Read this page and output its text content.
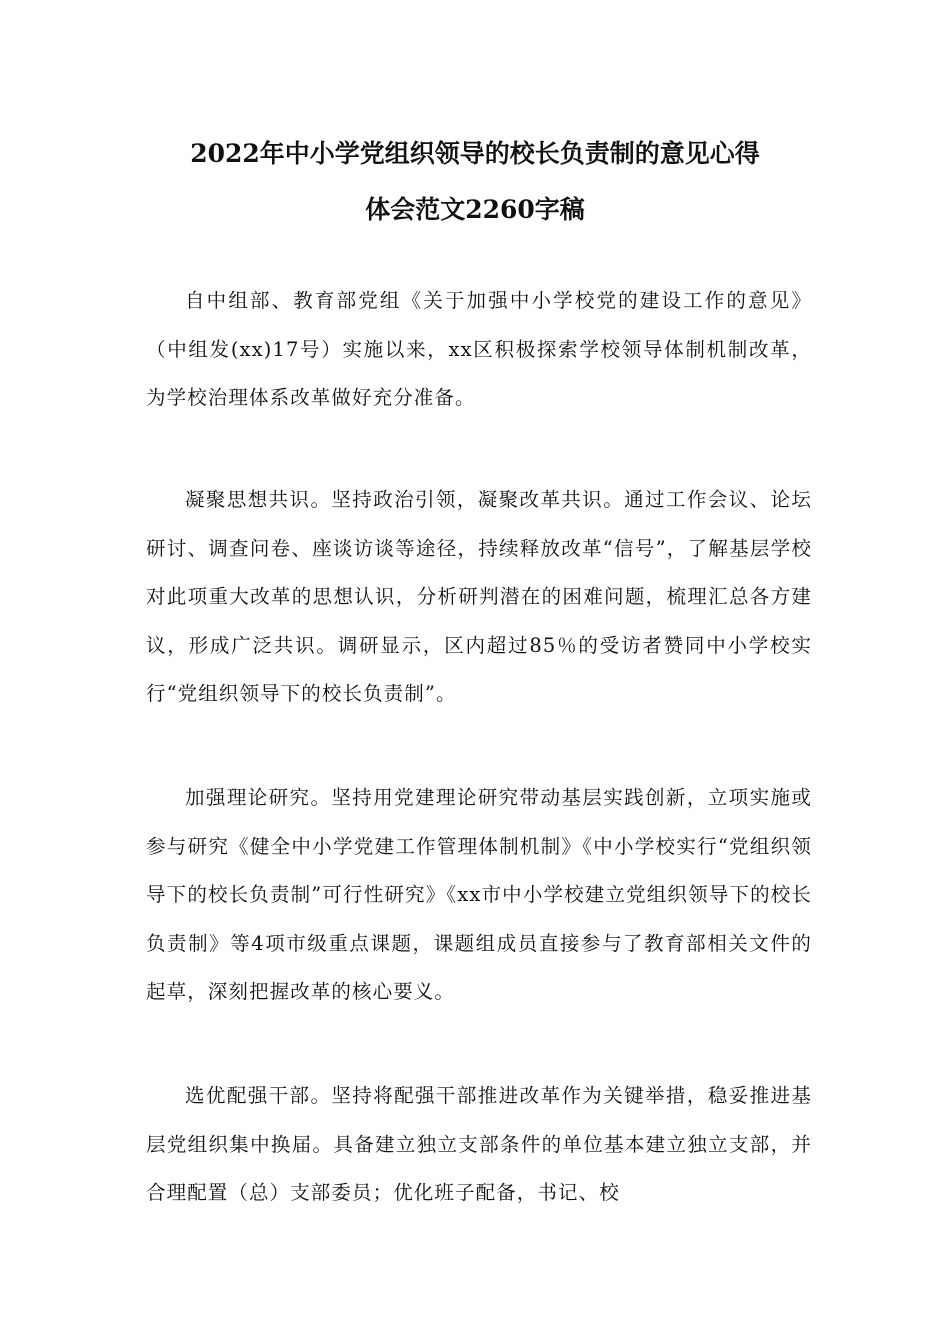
2022年中小学党组织领导的校长负责制的意见心得
体会范文2260字稿

自中组部、教育部党组《关于加强中小学校党的建设工作的意见》（中组发(xx)17号）实施以来，xx区积极探索学校领导体制机制改革，为学校治理体系改革做好充分准备。

凝聚思想共识。坚持政治引领，凝聚改革共识。通过工作会议、论坛研讨、调查问卷、座谈访谈等途径，持续释放改革“信号”，了解基层学校对此项重大改革的思想认识，分析研判潜在的困难问题，梳理汇总各方建议，形成广泛共识。调研显示，区内超过85％的受访者赞同中小学校实行“党组织领导下的校长负责制”。

加强理论研究。坚持用党建理论研究带动基层实践创新，立项实施或参与研究《健全中小学党建工作管理体制机制》《中小学校实行“党组织领导下的校长负责制”可行性研究》《xx市中小学校建立党组织领导下的校长负责制》等4项市级重点课题，课题组成员直接参与了教育部相关文件的起草，深刻把握改革的核心要义。

选优配强干部。坚持将配强干部推进改革作为关键举措，稳妥推进基层党组织集中换届。具备建立独立支部条件的单位基本建立独立支部，并合理配置（总）支部委员；优化班子配备，书记、校
